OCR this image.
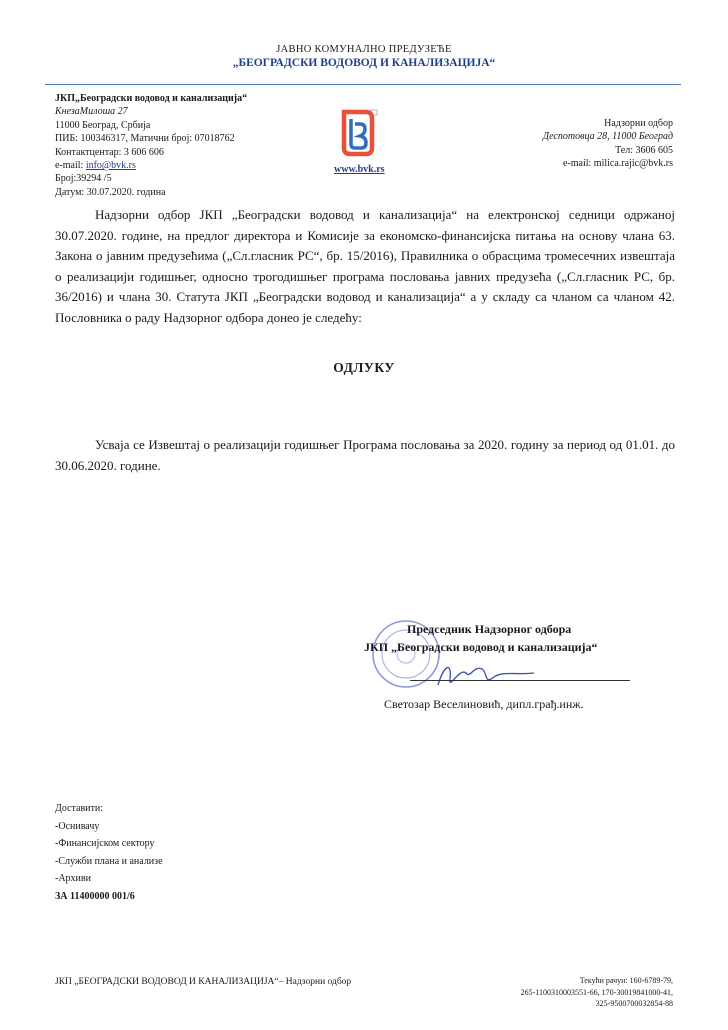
ЈАВНО КОМУНАЛНО ПРЕДУЗЕЋЕ
„БЕОГРАДСКИ ВОДОВОД И КАНАЛИЗАЦИЈА“
ЈКП„Београдски водовод и канализација“
КнезаМилоша 27
11000 Београд, Србија
ПИБ: 100346317, Матични број: 07018762
Контактцентар: 3 606 606
e-mail: info@bvk.rs
Број:39294 /5
Датум: 30.07.2020. година
www.bvk.rs
Надзорни одбор
Деспотовца 28, 11000 Београд
Тел: 3606 605
e-mail: milica.rajic@bvk.rs

Надзорни одбор ЈКП „Београдски водовод и канализација“ на електронској седници одржаној 30.07.2020. године, на предлог директора и Комисије за економско-финансијска питања на основу члана 63. Закона о јавним предузећима („Сл.гласник РС“, бр. 15/2016), Правилника о обрасцима тромесечних извештаја о реализацији годишњег, односно трогодишњег програма пословања јавних предузећа („Сл.гласник РС, бр. 36/2016) и члана 30. Статута ЈКП „Београдски водовод и канализација“ а у складу са чланом са чланом 42. Пословника о раду Надзорног одбора донео је следећу:

ОДЛУКУ

Усваја се Извештај о реализацији годишњег Програма пословања за 2020. годину за период од 01.01. до 30.06.2020. године.

Председник Надзорног одбора
ЈКП „Београдски водовод и канализација“
Светозар Веселиновић, дипл.грађ.инж.
Доставити:
-Оснивачу
-Финансијском сектору
-Служби плана и анализе
-Архиви
ЗА 11400000 001/6
ЈКП „БЕОГРАДСКИ ВОДОВОД И КАНАЛИЗАЦИЈА“– Надзорни одбор	Текући рачун: 160-6789-79,
265-1100310003551-66, 170-30019841000-41,
325-9500700032854-88
